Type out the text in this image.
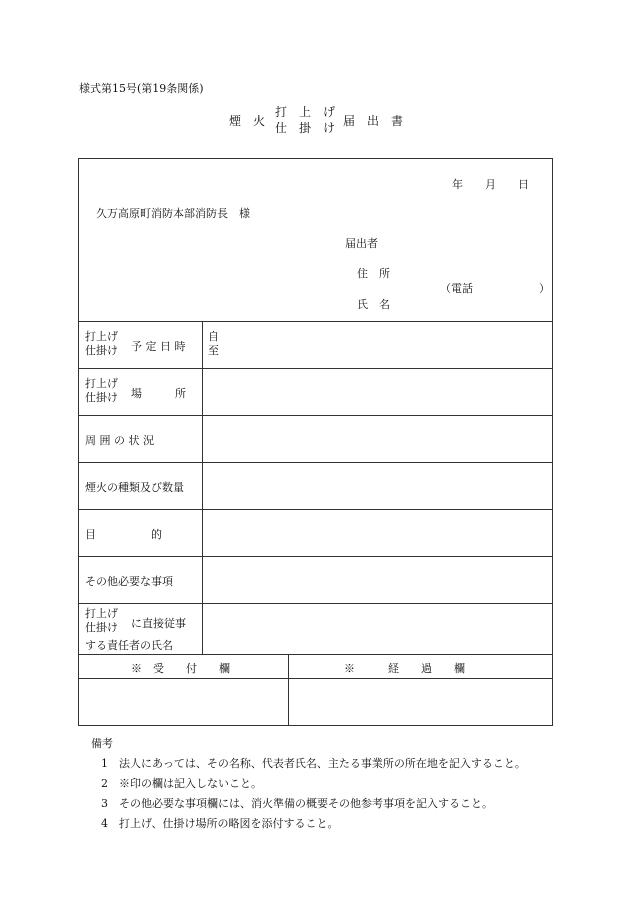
様式第15号(第19条関係)
煙　火
打　上　げ
仕　掛　け 届　出　書
年　　月　　日
久万高原町消防本部消防長　様
届出者
住　所
（電話　　　　　　）
氏　名
打上げ
仕掛け 予 定 日 時
自
至
打上げ
仕掛け 場　　　所
周 囲 の 状 況
煙火の種類及び数量
目　　　　　的
その他必要な事項
打上げ
仕掛け に直接従事
する責任者の氏名
※　受　　付　　欄	※　　　経　　過　　欄
備考
1 法人にあっては、その名称、代表者氏名、主たる事業所の所在地を記入すること。
2 ※印の欄は記入しないこと。
3 その他必要な事項欄には、消火準備の概要その他参考事項を記入すること。
4 打上げ、仕掛け場所の略図を添付すること。
